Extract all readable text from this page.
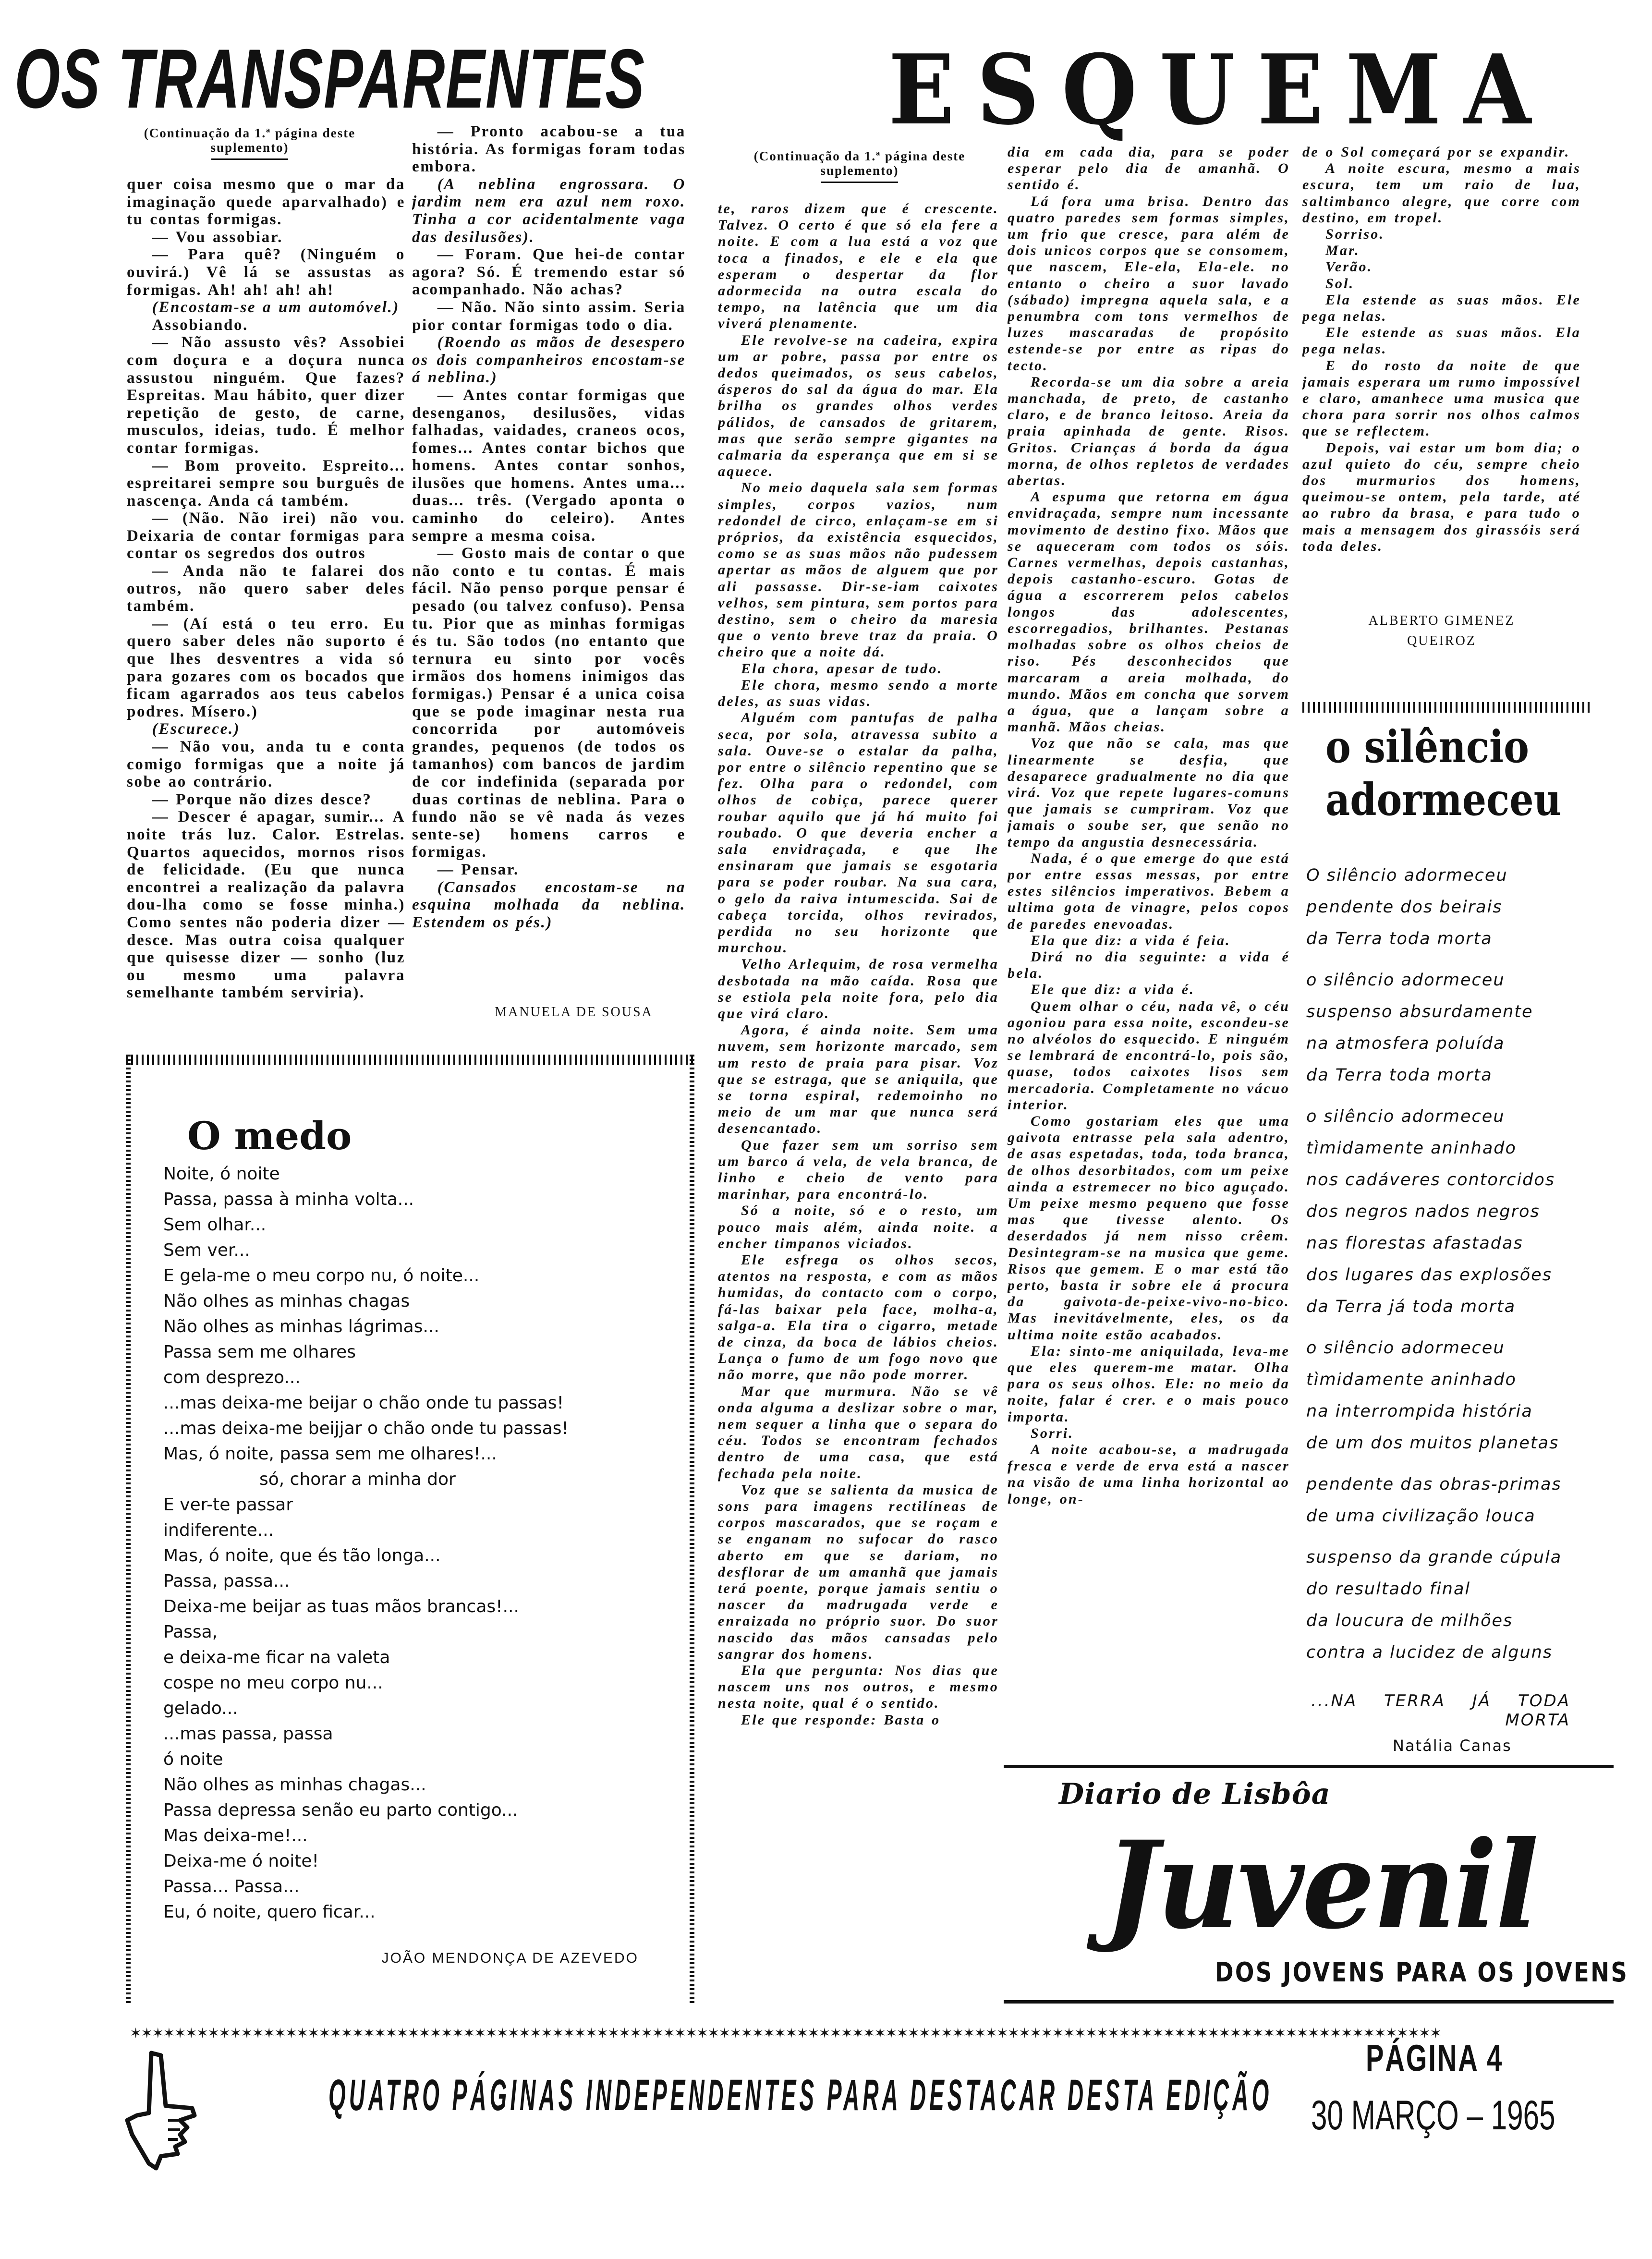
OS TRANSPARENTES
(Continuação da 1.ª página deste suplemento)

quer coisa mesmo que o mar da imaginação quede aparvalhado) e tu contas formigas.

— Vou assobiar.

— Para quê? (Ninguém o ouvirá.) Vê lá se assustas as formigas. Ah! ah! ah! ah!

(Encostam-se a um automóvel.)

Assobiando.

— Não assusto vês? Assobiei com doçura e a doçura nunca assustou ninguém. Que fazes? Espreitas. Mau hábito, quer dizer repetição de gesto, de carne, musculos, ideias, tudo. É melhor contar formigas.

— Bom proveito. Espreito... espreitarei sempre sou burguês de nascença. Anda cá também.

— (Não. Não irei) não vou. Deixaria de contar formigas para contar os segredos dos outros

— Anda não te falarei dos outros, não quero saber deles também.

— (Aí está o teu erro. Eu quero saber deles não suporto é que lhes desventres a vida só para gozares com os bocados que ficam agarrados aos teus cabelos podres. Mísero.)

(Escurece.)

— Não vou, anda tu e conta comigo formigas que a noite já sobe ao contrário.

— Porque não dizes desce?

— Descer é apagar, sumir... A noite trás luz. Calor. Estrelas. Quartos aquecidos, mornos risos de felicidade. (Eu que nunca encontrei a realização da palavra dou-lha como se fosse minha.) Como sentes não poderia dizer — desce. Mas outra coisa qualquer que quisesse dizer — sonho (luz ou mesmo uma palavra semelhante também serviria).

— Pronto acabou-se a tua história. As formigas foram todas embora.

(A neblina engrossara. O jardim nem era azul nem roxo. Tinha a cor acidentalmente vaga das desilusões).

— Foram. Que hei-de contar agora? Só. É tremendo estar só acompanhado. Não achas?

— Não. Não sinto assim. Seria pior contar formigas todo o dia.

(Roendo as mãos de desespero os dois companheiros encostam-se á neblina.)

— Antes contar formigas que desenganos, desilusões, vidas falhadas, vaidades, craneos ocos, fomes... Antes contar bichos que homens. Antes contar sonhos, ilusões que homens. Antes uma... duas... três. (Vergado aponta o caminho do celeiro). Antes sempre a mesma coisa.

— Gosto mais de contar o que não conto e tu contas. É mais fácil. Não penso porque pensar é pesado (ou talvez confuso). Pensa tu. Pior que as minhas formigas és tu. São todos (no entanto que ternura eu sinto por vocês irmãos dos homens inimigos das formigas.) Pensar é a unica coisa que se pode imaginar nesta rua concorrida por automóveis grandes, pequenos (de todos os tamanhos) com bancos de jardim de cor indefinida (separada por duas cortinas de neblina. Para o fundo não se vê nada ás vezes sente-se) homens carros e formigas.

— Pensar.

(Cansados encostam-se na esquina molhada da neblina. Estendem os pés.)

MANUELA DE SOUSA
ESQUEMA
(Continuação da 1.ª página deste suplemento)

te, raros dizem que é crescente. Talvez. O certo é que só ela fere a noite. E com a lua está a voz que toca a finados, e ele e ela que esperam o despertar da flor adormecida na outra escala do tempo, na latência que um dia viverá plenamente.

Ele revolve-se na cadeira, expira um ar pobre, passa por entre os dedos queimados, os seus cabelos, ásperos do sal da água do mar. Ela brilha os grandes olhos verdes pálidos, de cansados de gritarem, mas que serão sempre gigantes na calmaria da esperança que em si se aquece.

No meio daquela sala sem formas simples, corpos vazios, num redondel de circo, enlaçam-se em si próprios, da existência esquecidos, como se as suas mãos não pudessem apertar as mãos de alguem que por ali passasse. Dir-se-iam caixotes velhos, sem pintura, sem portos para destino, sem o cheiro da maresia que o vento breve traz da praia. O cheiro que a noite dá.

Ela chora, apesar de tudo.

Ele chora, mesmo sendo a morte deles, as suas vidas.

Alguém com pantufas de palha seca, por sola, atravessa subito a sala. Ouve-se o estalar da palha, por entre o silêncio repentino que se fez. Olha para o redondel, com olhos de cobiça, parece querer roubar aquilo que já há muito foi roubado. O que deveria encher a sala envidraçada, e que lhe ensinaram que jamais se esgotaria para se poder roubar. Na sua cara, o gelo da raiva intumescida. Sai de cabeça torcida, olhos revirados, perdida no seu horizonte que murchou.

Velho Arlequim, de rosa vermelha desbotada na mão caída. Rosa que se estiola pela noite fora, pelo dia que virá claro.

Agora, é ainda noite. Sem uma nuvem, sem horizonte marcado, sem um resto de praia para pisar. Voz que se estraga, que se aniquila, que se torna espiral, redemoinho no meio de um mar que nunca será desencantado.

Que fazer sem um sorriso sem um barco á vela, de vela branca, de linho e cheio de vento para marinhar, para encontrá-lo.

Só a noite, só e o resto, um pouco mais além, ainda noite. a encher timpanos viciados.

Ele esfrega os olhos secos, atentos na resposta, e com as mãos humidas, do contacto com o corpo, fá-las baixar pela face, molha-a, salga-a. Ela tira o cigarro, metade de cinza, da boca de lábios cheios. Lança o fumo de um fogo novo que não morre, que não pode morrer.

Mar que murmura. Não se vê onda alguma a deslizar sobre o mar, nem sequer a linha que o separa do céu. Todos se encontram fechados dentro de uma casa, que está fechada pela noite.

Voz que se salienta da musica de sons para imagens rectilíneas de corpos mascarados, que se roçam e se enganam no sufocar do rasco aberto em que se dariam, no desflorar de um amanhã que jamais terá poente, porque jamais sentiu o nascer da madrugada verde e enraizada no próprio suor. Do suor nascido das mãos cansadas pelo sangrar dos homens.

Ela que pergunta: Nos dias que nascem uns nos outros, e mesmo nesta noite, qual é o sentido.

Ele que responde: Basta o

dia em cada dia, para se poder esperar pelo dia de amanhã. O sentido é.

Lá fora uma brisa. Dentro das quatro paredes sem formas simples, um frio que cresce, para além de dois unicos corpos que se consomem, que nascem, Ele-ela, Ela-ele. no entanto o cheiro a suor lavado (sábado) impregna aquela sala, e a penumbra com tons vermelhos de luzes mascaradas de propósito estende-se por entre as ripas do tecto.

Recorda-se um dia sobre a areia manchada, de preto, de castanho claro, e de branco leitoso. Areia da praia apinhada de gente. Risos. Gritos. Crianças á borda da água morna, de olhos repletos de verdades abertas.

A espuma que retorna em água envidraçada, sempre num incessante movimento de destino fixo. Mãos que se aqueceram com todos os sóis. Carnes vermelhas, depois castanhas, depois castanho-escuro. Gotas de água a escorrerem pelos cabelos longos das adolescentes, escorregadios, brilhantes. Pestanas molhadas sobre os olhos cheios de riso. Pés desconhecidos que marcaram a areia molhada, do mundo. Mãos em concha que sorvem a água, que a lançam sobre a manhã. Mãos cheias.

Voz que não se cala, mas que linearmente se desfia, que desaparece gradualmente no dia que virá. Voz que repete lugares-comuns que jamais se cumpriram. Voz que jamais o soube ser, que senão no tempo da angustia desnecessária.

Nada, é o que emerge do que está por entre essas messas, por entre estes silêncios imperativos. Bebem a ultima gota de vinagre, pelos copos de paredes enevoadas.

Ela que diz: a vida é feia.

Dirá no dia seguinte: a vida é bela.

Ele que diz: a vida é.

Quem olhar o céu, nada vê, o céu agoniou para essa noite, escondeu-se no alvéolos do esquecido. E ninguém se lembrará de encontrá-lo, pois são, quase, todos caixotes lisos sem mercadoria. Completamente no vácuo interior.

Como gostariam eles que uma gaivota entrasse pela sala adentro, de asas espetadas, toda, toda branca, de olhos desorbitados, com um peixe ainda a estremecer no bico aguçado. Um peixe mesmo pequeno que fosse mas que tivesse alento. Os deserdados já nem nisso crêem. Desintegram-se na musica que geme. Risos que gemem. E o mar está tão perto, basta ir sobre ele á procura da gaivota-de-peixe-vivo-no-bico. Mas inevitávelmente, eles, os da ultima noite estão acabados.

Ela: sinto-me aniquilada, leva-me que eles querem-me matar. Olha para os seus olhos. Ele: no meio da noite, falar é crer. e o mais pouco importa.

Sorri.

A noite acabou-se, a madrugada fresca e verde de erva está a nascer na visão de uma linha horizontal ao longe, on-

de o Sol começará por se expandir.

A noite escura, mesmo a mais escura, tem um raio de lua, saltimbanco alegre, que corre com destino, em tropel.

Sorriso.

Mar.

Verão.

Sol.

Ela estende as suas mãos. Ele pega nelas.

Ele estende as suas mãos. Ela pega nelas.

E do rosto da noite de que jamais esperara um rumo impossível e claro, amanhece uma musica que chora para sorrir nos olhos calmos que se reflectem.

Depois, vai estar um bom dia; o azul quieto do céu, sempre cheio dos murmurios dos homens, queimou-se ontem, pela tarde, até ao rubro da brasa, e para tudo o mais a mensagem dos girassóis será toda deles.

ALBERTO GIMENEZ
QUEIROZ
o silêncio
adormeceu
O silêncio adormeceu
pendente dos beirais
da Terra toda morta
o silêncio adormeceu
suspenso absurdamente
na atmosfera poluída
da Terra toda morta
o silêncio adormeceu
tìmidamente aninhado
nos cadáveres contorcidos
dos negros nados negros
nas florestas afastadas
dos lugares das explosões
da Terra já toda morta
o silêncio adormeceu
tìmidamente aninhado
na interrompida história
de um dos muitos planetas
pendente das obras-primas
de uma civilização louca
suspenso da grande cúpula
do resultado final
da loucura de milhões
contra a lucidez de alguns
...NA TERRA JÁ TODA MORTA
Natália Canas
O medo
Noite, ó noite
Passa, passa à minha volta...
Sem olhar...
Sem ver...
E gela-me o meu corpo nu, ó noite...
Não olhes as minhas chagas
Não olhes as minhas lágrimas...
Passa sem me olhares
com desprezo...
...mas deixa-me beijar o chão onde tu passas!
...mas deixa-me beijjar o chão onde tu passas!
Mas, ó noite, passa sem me olhares!...
só, chorar a minha dor
E ver-te passar
indiferente...
Mas, ó noite, que és tão longa...
Passa, passa...
Deixa-me beijar as tuas mãos brancas!...
Passa,
e deixa-me ficar na valeta
cospe no meu corpo nu...
gelado...
...mas passa, passa
ó noite
Não olhes as minhas chagas...
Passa depressa senão eu parto contigo...
Mas deixa-me!...
Deixa-me ó noite!
Passa... Passa...
Eu, ó noite, quero ficar...
JOÃO MENDONÇA DE AZEVEDO
Diario de Lisbôa
Juvenil
DOS JOVENS PARA OS JOVENS
✶✶✶✶✶✶✶✶✶✶✶✶✶✶✶✶✶✶✶✶✶✶✶✶✶✶✶✶✶✶✶✶✶✶✶✶✶✶✶✶✶✶✶✶✶✶✶✶✶✶✶✶✶✶✶✶✶✶✶✶✶✶✶✶✶✶✶✶✶✶✶✶✶✶✶✶✶✶✶✶✶✶✶✶✶✶✶✶✶✶✶✶✶✶✶✶✶✶✶✶✶✶✶✶✶✶✶✶✶✶✶✶✶✶✶✶✶✶
QUATRO PÁGINAS INDEPENDENTES PARA DESTACAR DESTA EDIÇÃO
PÁGINA 4
30 MARÇO – 1965
